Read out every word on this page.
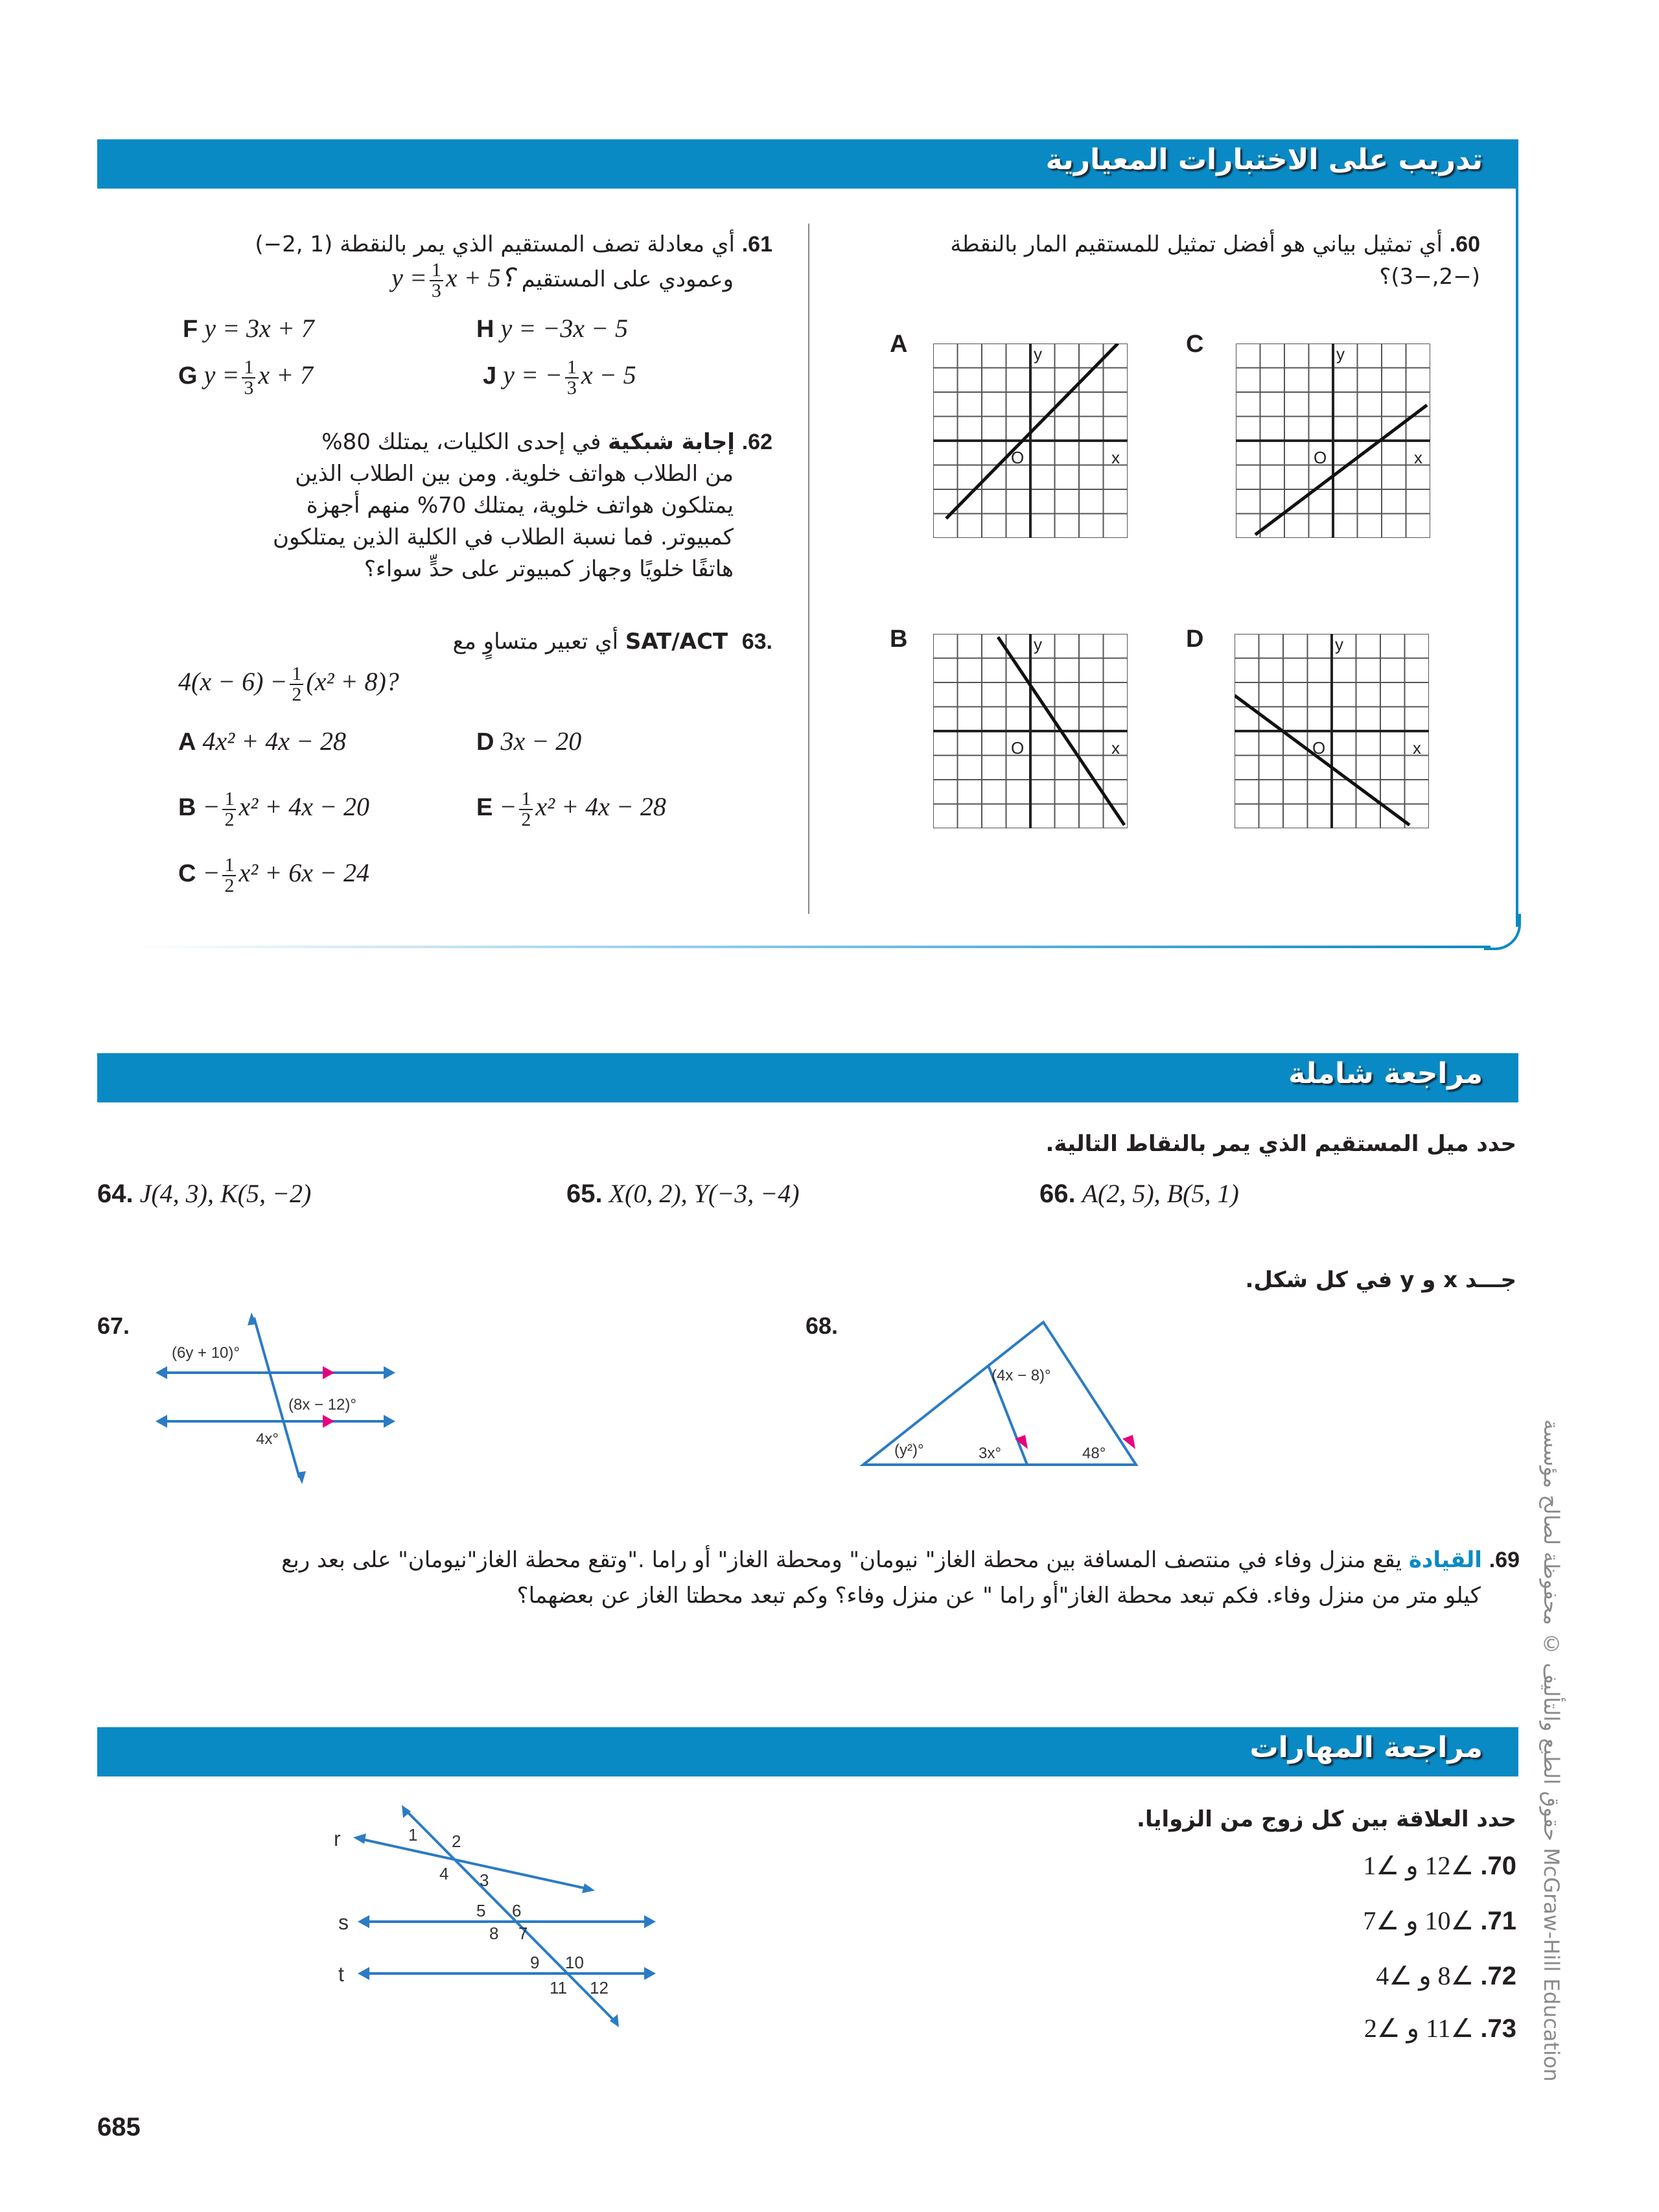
تدريب على الاختبارات المعيارية
60. أي تمثيل بياني هو أفضل تمثيل للمستقيم المار بالنقطة
(−2,−3)؟
A	C
B	D
y
x
O
y
x
O
y
x
O
y
x
O
61. أي معادلة تصف المستقيم الذي يمر بالنقطة (1 ,2−)
وعمودي على المستقيم $y = \frac{1}{3}$ x + 5؟
F y = 3x + 7	H y = −3x − 5
G $y = \frac{1}{3}$ x + 7	J y = − $\frac{1}{3}$ x − 5
62. إجابة شبكية في إحدى الكليات، يمتلك 80%
من الطلاب هواتف خلوية. ومن بين الطلاب الذين
يمتلكون هواتف خلوية، يمتلك 70% منهم أجهزة
كمبيوتر. فما نسبة الطلاب في الكلية الذين يمتلكون
هاتفًا خلويًا وجهاز كمبيوتر على حدٍّ سواء؟
.63  SAT/ACT أي تعبير متساوٍ مع
$4(x - 6) - \frac{1}{2} (x^2 + 8)$?
A 4x² + 4x − 28	D 3x − 20
$B - \frac{1}{2} x^2 + 4x - 20$	$E - \frac{1}{2} x^2 + 4x - 28$
$C - \frac{1}{2} x^2 + 6x - 24$
مراجعة شاملة
حدد ميل المستقيم الذي يمر بالنقاط التالية.
64. J(4, 3), K(5, −2)	65. X(0, 2), Y(−3, −4)	66. A(2, 5), B(5, 1)
جـــد x و y في كل شكل.
67.
(6y + 10)°
(8x − 12)°
4x°
68.
(4x − 8)°
(y²)°	3x°	48°
69. القيادة يقع منزل وفاء في منتصف المسافة بين محطة الغاز" نيومان" ومحطة الغاز" أو راما ."وتقع محطة الغاز"نيومان" على بعد ربع
كيلو متر من منزل وفاء. فكم تبعد محطة الغاز"أو راما " عن منزل وفاء؟ وكم تبعد محطتا الغاز عن بعضهما؟	حقوق الطبع والتأليف © محفوظة لصالح مؤسسة McGraw-Hill Education
مراجعة المهارات
حدد العلاقة بين كل زوج من الزوايا.
70. ∠12 و ∠1
71. ∠10 و ∠7
72. ∠8 و ∠4
73. ∠11 و ∠2
r
s
t
1 2
3
4
5 6
7
8
9 10
11 12
685
